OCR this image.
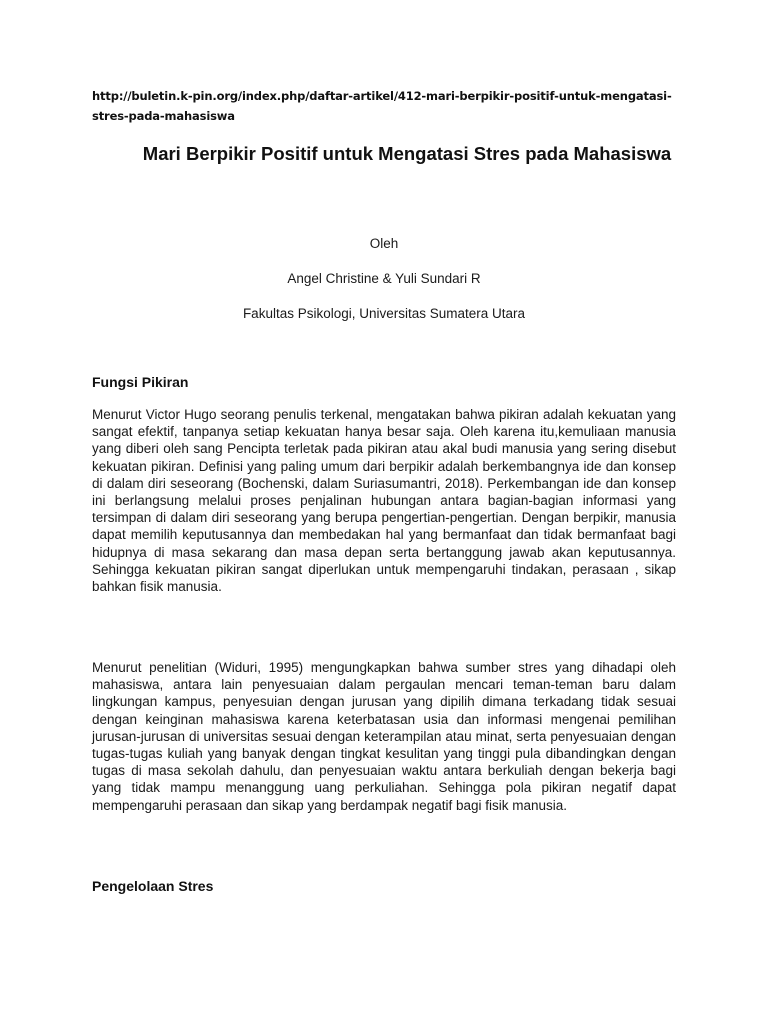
http://buletin.k-pin.org/index.php/daftar-artikel/412-mari-berpikir-positif-untuk-mengatasi-stres-pada-mahasiswa
Mari Berpikir Positif untuk Mengatasi Stres pada Mahasiswa
Oleh
Angel Christine & Yuli Sundari R
Fakultas Psikologi, Universitas Sumatera Utara
Fungsi Pikiran
Menurut Victor Hugo seorang penulis terkenal, mengatakan bahwa pikiran adalah kekuatan yang sangat efektif, tanpanya setiap kekuatan hanya besar saja. Oleh karena itu,kemuliaan manusia yang diberi oleh sang Pencipta terletak pada pikiran atau akal budi manusia yang sering disebut kekuatan pikiran. Definisi yang paling umum dari berpikir adalah berkembangnya ide dan konsep di dalam diri seseorang (Bochenski, dalam Suriasumantri, 2018). Perkembangan ide dan konsep ini berlangsung melalui proses penjalinan hubungan antara bagian-bagian informasi yang tersimpan di dalam diri seseorang yang berupa pengertian-pengertian. Dengan berpikir, manusia dapat memilih keputusannya dan membedakan hal yang bermanfaat dan tidak bermanfaat bagi hidupnya di masa sekarang dan masa depan serta bertanggung jawab akan keputusannya. Sehingga kekuatan pikiran sangat diperlukan untuk mempengaruhi tindakan, perasaan , sikap bahkan fisik manusia.
Menurut penelitian (Widuri, 1995) mengungkapkan bahwa sumber stres yang dihadapi oleh mahasiswa, antara lain penyesuaian dalam pergaulan mencari teman-teman baru dalam lingkungan kampus, penyesuian dengan jurusan yang dipilih dimana terkadang tidak sesuai dengan keinginan mahasiswa karena keterbatasan usia dan informasi mengenai pemilihan jurusan-jurusan di universitas sesuai dengan keterampilan atau minat, serta penyesuaian dengan tugas-tugas kuliah yang banyak dengan tingkat kesulitan yang tinggi pula dibandingkan dengan tugas di masa sekolah dahulu, dan penyesuaian waktu antara berkuliah dengan bekerja bagi yang tidak mampu menanggung uang perkuliahan. Sehingga pola pikiran negatif dapat mempengaruhi perasaan dan sikap yang berdampak negatif bagi fisik manusia.
Pengelolaan Stres
